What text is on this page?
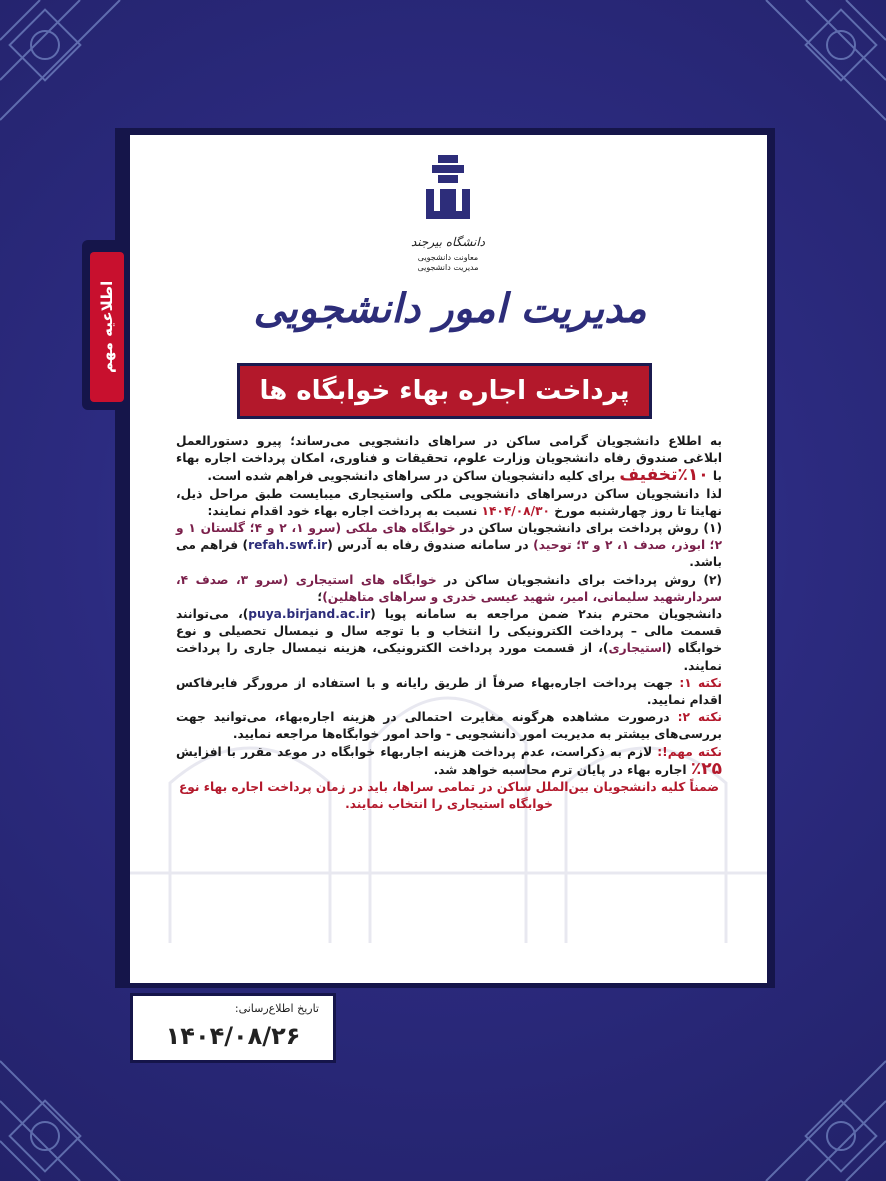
اطلاعیه مهم
دانشگاه بیرجند
معاونت دانشجویی
مدیریت دانشجویی
مدیریت امور دانشجویی
پرداخت اجاره بهاء خوابگاه ها

به اطلاع دانشجویان گرامی ساکن در سراهای دانشجویی می‌رساند؛ پیرو دستورالعمل ابلاغی صندوق رفاه دانشجویان وزارت علوم، تحقیقات و فناوری، امکان پرداخت اجاره بهاء با ۱۰٪تخفیف برای کلیه دانشجویان ساکن در سراهای دانشجویی فراهم شده است.

لذا دانشجویان ساکن درسراهای دانشجویی ملکی واستیجاری میبایست طبق مراحل ذیل، نهایتا تا روز چهارشنبه مورخ ۱۴۰۴/۰۸/۳۰ نسبت به پرداخت اجاره بهاء خود اقدام نمایند:

(۱) روش پرداخت برای دانشجویان ساکن در خوابگاه های ملکی (سرو ۱، ۲ و ۴؛ گلستان ۱ و ۲؛ ابوذر، صدف ۱، ۲ و ۳؛ توحید) در سامانه صندوق رفاه به آدرس (refah.swf.ir) فراهم می باشد.

(۲) روش پرداخت برای دانشجویان ساکن در خوابگاه های استیجاری (سرو ۳، صدف ۴، سردارشهید سلیمانی، امیر، شهید عیسی خدری و سراهای متاهلین)؛

دانشجویان محترم بند۲ ضمن مراجعه به سامانه پویا (puya.birjand.ac.ir)، می‌توانند قسمت مالی – پرداخت الکترونیکی را انتخاب و با توجه سال و نیمسال تحصیلی و نوع خوابگاه (استیجاری)، از قسمت مورد پرداخت الکترونیکی، هزینه نیمسال جاری را پرداخت نمایند.

نکته ۱: جهت پرداخت اجاره‌بهاء صرفاً از طریق رایانه و با استفاده از مرورگر فایرفاکس اقدام نمایید.

نکته ۲: درصورت مشاهده هرگونه مغایرت احتمالی در هزینه اجاره‌بهاء، می‌توانید جهت بررسی‌های بیشتر به مدیریت امور دانشجویی - واحد امور خوابگاه‌ها مراجعه نمایید.

نکته مهم!: لازم به ذکراست، عدم پرداخت هزینه اجاربهاء خوابگاه در موعد مقرر با افزایش ۲۵٪ اجاره بهاء در پایان ترم محاسبه خواهد شد.

ضمناً کلیه دانشجویان بین‌الملل ساکن در تمامی سراها، باید در زمان پرداخت اجاره بهاء نوع خوابگاه استیجاری را انتخاب نمایند.

تاریخ اطلاع‌رسانی:
۱۴۰۴/۰۸/۲۶
